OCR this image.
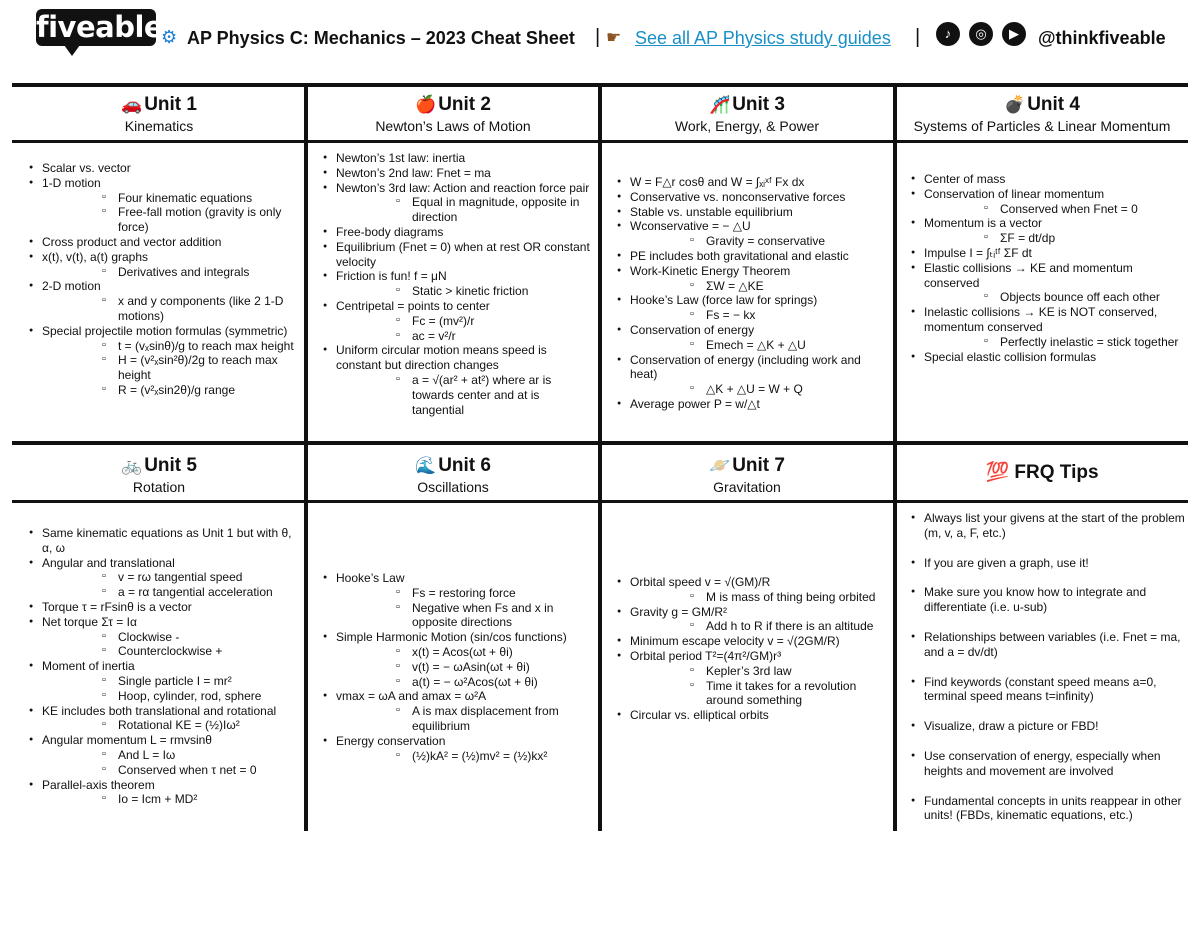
fiveable
⚙ AP Physics C: Mechanics – 2023 Cheat Sheet | ☛ See all AP Physics study guides |	♪	◎	▶	@thinkfiveable
🚗 Unit 1
Kinematics
🍎 Unit 2
Newton’s Laws of Motion
🎢 Unit 3
Work, Energy, & Power
💣 Unit 4
Systems of Particles & Linear Momentum
🚲 Unit 5
Rotation
🌊 Unit 6
Oscillations
🪐 Unit 7
Gravitation
💯 FRQ Tips
● Scalar vs. vector
● 1-D motion
▫ Four kinematic equations
▫ Free-fall motion (gravity is only force)
● Cross product and vector addition
● x(t), v(t), a(t) graphs
▫ Derivatives and integrals
● 2-D motion
▫ x and y components (like 2 1-D motions)
● Special projectile motion formulas (symmetric)
▫ t = (vₓsinθ)/g to reach max height
▫ H = (v²ₓsin²θ)/2g to reach max height
▫ R = (v²ₓsin2θ)/g range
● Newton’s 1st law: inertia
● Newton’s 2nd law: Fnet = ma
● Newton’s 3rd law: Action and reaction force pair
▫ Equal in magnitude, opposite in direction
● Free-body diagrams
● Equilibrium (Fnet = 0) when at rest OR constant velocity
● Friction is fun! f = μN
▫ Static > kinetic friction
● Centripetal = points to center
▫ Fc = (mv²)/r
▫ ac = v²/r
● Uniform circular motion means speed is constant but direction changes
▫ a = √(ar² + at²) where ar is towards center and at is tangential
● W = F△r cosθ and W = ∫ₓᵢˣᶠ Fx dx
● Conservative vs. nonconservative forces
● Stable vs. unstable equilibrium
● Wconservative = − △U
▫ Gravity = conservative
● PE includes both gravitational and elastic
● Work-Kinetic Energy Theorem
▫ ΣW = △KE
● Hooke’s Law (force law for springs)
▫ Fs = − kx
● Conservation of energy
▫ Emech = △K + △U
● Conservation of energy (including work and heat)
▫ △K + △U = W + Q
● Average power P = w/△t
● Center of mass
● Conservation of linear momentum
▫ Conserved when Fnet = 0
● Momentum is a vector
▫ ΣF = dt/dp
● Impulse I = ∫ₜᵢᵗᶠ ΣF dt
● Elastic collisions → KE and momentum conserved
▫ Objects bounce off each other
● Inelastic collisions → KE is NOT conserved, momentum conserved
▫ Perfectly inelastic = stick together
● Special elastic collision formulas
● Same kinematic equations as Unit 1 but with θ, α, ω
● Angular and translational
▫ v = rω tangential speed
▫ a = rα tangential acceleration
● Torque τ = rFsinθ is a vector
● Net torque Στ = Iα
▫ Clockwise -
▫ Counterclockwise +
● Moment of inertia
▫ Single particle I = mr²
▫ Hoop, cylinder, rod, sphere
● KE includes both translational and rotational
▫ Rotational KE = (½)Iω²
● Angular momentum L = rmvsinθ
▫ And L = Iω
▫ Conserved when τ net = 0
● Parallel-axis theorem
▫ Io = Icm + MD²
● Hooke’s Law
▫ Fs = restoring force
▫ Negative when Fs and x in opposite directions
● Simple Harmonic Motion (sin/cos functions)
▫ x(t) = Acos(ωt + θi)
▫ v(t) = − ωAsin(ωt + θi)
▫ a(t) = − ω²Acos(ωt + θi)
● vmax = ωA and amax = ω²A
▫ A is max displacement from equilibrium
● Energy conservation
▫ (½)kA² = (½)mv² = (½)kx²
● Orbital speed v = √(GM)/R
▫ M is mass of thing being orbited
● Gravity g = GM/R²
▫ Add h to R if there is an altitude
● Minimum escape velocity v = √(2GM/R)
● Orbital period T²=(4π²/GM)r³
▫ Kepler’s 3rd law
▫ Time it takes for a revolution around something
● Circular vs. elliptical orbits
● Always list your givens at the start of the problem (m, v, a, F, etc.)
● If you are given a graph, use it!
● Make sure you know how to integrate and differentiate (i.e. u-sub)
● Relationships between variables (i.e. Fnet = ma, and a = dv/dt)
● Find keywords (constant speed means a=0, terminal speed means t=infinity)
● Visualize, draw a picture or FBD!
● Use conservation of energy, especially when heights and movement are involved
● Fundamental concepts in units reappear in other units! (FBDs, kinematic equations, etc.)
